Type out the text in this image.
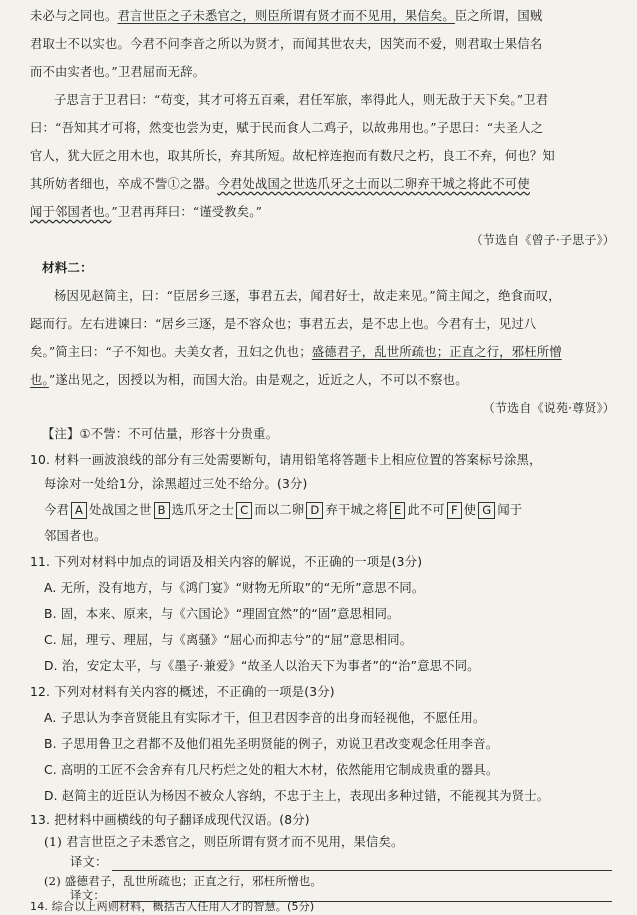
未必与之同也。君言世臣之子未悉官之，则臣所谓有贤才而不见用，果信矣。臣之所谓，国贼
君取士不以实也。今君不问李音之所以为贤才，而闻其世农夫，因笑而不爱，则君取士果信名
而不由实者也。”卫君屈而无辞。
子思言于卫君曰：“苟变，其才可将五百乘，君任军旅，率得此人，则无敌于天下矣。”卫君
曰：“吾知其才可将，然变也尝为吏，赋于民而食人二鸡子，以故弗用也。”子思曰：“夫圣人之
官人，犹大匠之用木也，取其所长，弃其所短。故杞梓连抱而有数尺之朽，良工不弃，何也？知
其所妨者细也，卒成不訾①之器。今君处战国之世选爪牙之士而以二卵弃干城之将此不可使
闻于邻国者也。”卫君再拜曰：“谨受教矣。”
（节选自《曾子·子思子》）
材料二：
杨因见赵简主，曰：“臣居乡三逐，事君五去，闻君好士，故走来见。”简主闻之，绝食而叹，
跽而行。左右进谏曰：“居乡三逐，是不容众也；事君五去，是不忠上也。今君有士，见过八
矣。”简主曰：“子不知也。夫美女者，丑妇之仇也；盛德君子，乱世所疏也；正直之行，邪枉所憎
也。”遂出见之，因授以为相，而国大治。由是观之，近近之人，不可以不察也。
（节选自《说苑·尊贤》）
【注】①不訾：不可估量，形容十分贵重。
10. 材料一画波浪线的部分有三处需要断句，请用铅笔将答题卡上相应位置的答案标号涂黑，
每涂对一处给1分，涂黑超过三处不给分。(3分)
今君 A 处战国之世 B 选爪牙之士 C 而以二卵 D 弃干城之将 E 此不可 F 使 G 闻于
邻国者也。
11. 下列对材料中加点的词语及相关内容的解说，不正确的一项是(3分)
A. 无所，没有地方，与《鸿门宴》“财物无所取”的“无所”意思不同。
B. 固，本来、原来，与《六国论》“理固宜然”的“固”意思相同。
C. 屈，理亏、理屈，与《离骚》“屈心而抑志兮”的“屈”意思相同。
D. 治，安定太平，与《墨子·兼爱》“故圣人以治天下为事者”的“治”意思不同。
12. 下列对材料有关内容的概述，不正确的一项是(3分)
A. 子思认为李音贤能且有实际才干，但卫君因李音的出身而轻视他，不愿任用。
B. 子思用鲁卫之君都不及他们祖先圣明贤能的例子，劝说卫君改变观念任用李音。
C. 高明的工匠不会舍弃有几尺朽烂之处的粗大木材，依然能用它制成贵重的器具。
D. 赵简主的近臣认为杨因不被众人容纳，不忠于主上，表现出多种过错，不能视其为贤士。
13. 把材料中画横线的句子翻译成现代汉语。(8分)
(1) 君言世臣之子未悉官之，则臣所谓有贤才而不见用，果信矣。
译文：
(2) 盛德君子，乱世所疏也；正直之行，邪枉所憎也。
译文：
14. 综合以上两则材料，概括古人任用人才的智慧。(5分)
